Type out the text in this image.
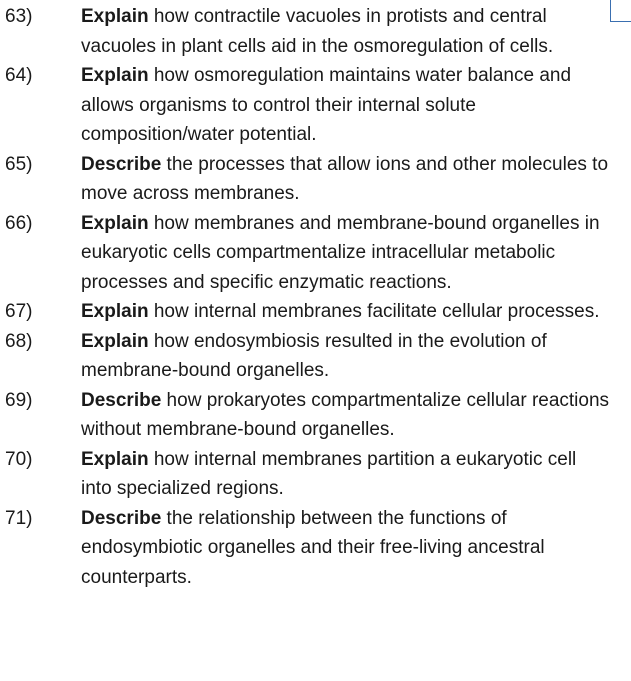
63)	Explain how contractile vacuoles in protists and central vacuoles in plant cells aid in the osmoregulation of cells.
64)	Explain how osmoregulation maintains water balance and allows organisms to control their internal solute composition/water potential.
65)	Describe the processes that allow ions and other molecules to move across membranes.
66)	Explain how membranes and membrane-bound organelles in eukaryotic cells compartmentalize intracellular metabolic processes and specific enzymatic reactions.
67)	Explain how internal membranes facilitate cellular processes.
68)	Explain how endosymbiosis resulted in the evolution of membrane-bound organelles.
69)	Describe how prokaryotes compartmentalize cellular reactions without membrane-bound organelles.
70)	Explain how internal membranes partition a eukaryotic cell into specialized regions.
71)	Describe the relationship between the functions of endosymbiotic organelles and their free-living ancestral counterparts.
